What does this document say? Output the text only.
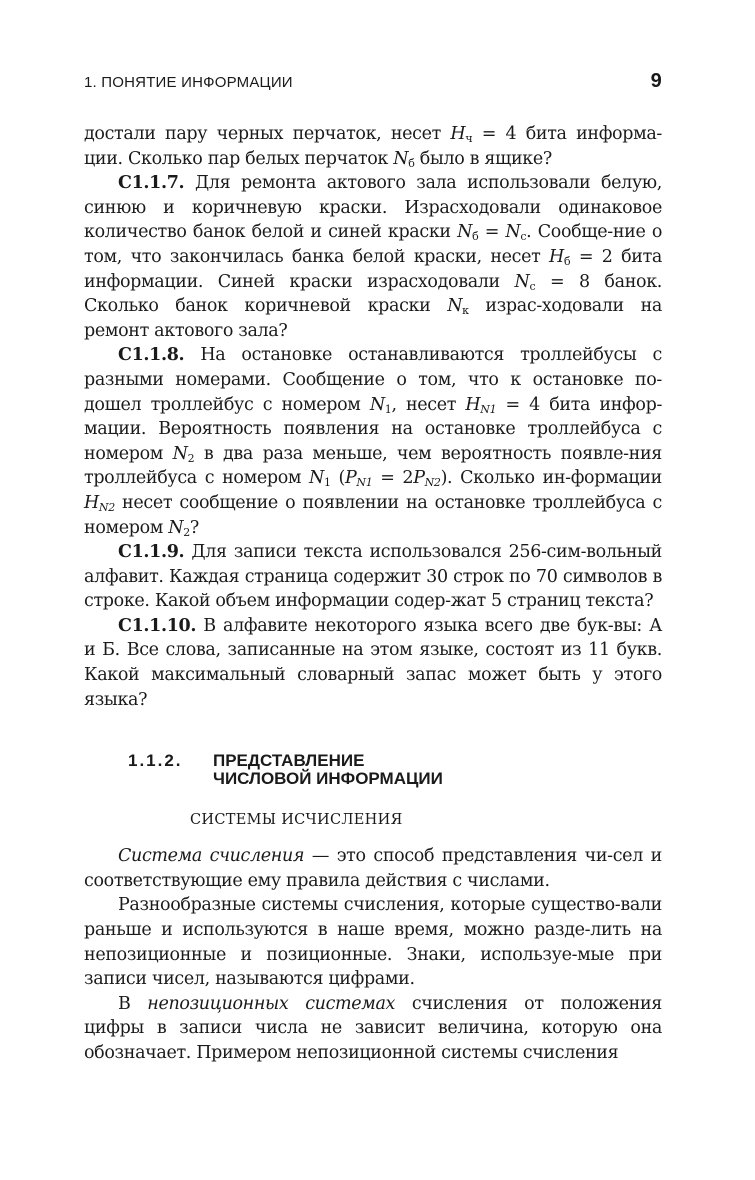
1. ПОНЯТИЕ ИНФОРМАЦИИ	9

достали пару черных перчаток, несет $H_ч = 4$ бита информа-ции. Сколько пар белых перчаток $N_б$ было в ящике?

С1.1.7. Для ремонта актового зала использовали белую, синюю и коричневую краски. Израсходовали одинаковое количество банок белой и синей краски $N_б = N_с$. Сообще-ние о том, что закончилась банка белой краски, несет $H_б = 2$ бита информации. Синей краски израсходовали $N_с = 8$ банок. Сколько банок коричневой краски $N_к$ израс-ходовали на ремонт актового зала?

С1.1.8. На остановке останавливаются троллейбусы с разными номерами. Сообщение о том, что к остановке по-дошел троллейбус с номером $N_1$, несет $H_{N1} = 4$ бита инфор-мации. Вероятность появления на остановке троллейбуса с номером $N_2$ в два раза меньше, чем вероятность появле-ния троллейбуса с номером $N_1$ $(P_{N1} = 2P_{N2})$. Сколько ин-формации $H_{N2}$ несет сообщение о появлении на остановке троллейбуса с номером $N_2$?

С1.1.9. Для записи текста использовался 256-сим-вольный алфавит. Каждая страница содержит 30 строк по 70 символов в строке. Какой объем информации содер-жат 5 страниц текста?

С1.1.10. В алфавите некоторого языка всего две бук-вы: А и Б. Все слова, записанные на этом языке, состоят из 11 букв. Какой максимальный словарный запас может быть у этого языка?

1.1.2.	ПРЕДСТАВЛЕНИЕ
ЧИСЛОВОЙ ИНФОРМАЦИИ
СИСТЕМЫ ИСЧИСЛЕНИЯ

Система счисления — это способ представления чи-сел и соответствующие ему правила действия с числами.

Разнообразные системы счисления, которые существо-вали раньше и используются в наше время, можно разде-лить на непозиционные и позиционные. Знаки, используе-мые при записи чисел, называются цифрами.

В непозиционных системах счисления от положения цифры в записи числа не зависит величина, которую она обозначает. Примером непозиционной системы счисления
